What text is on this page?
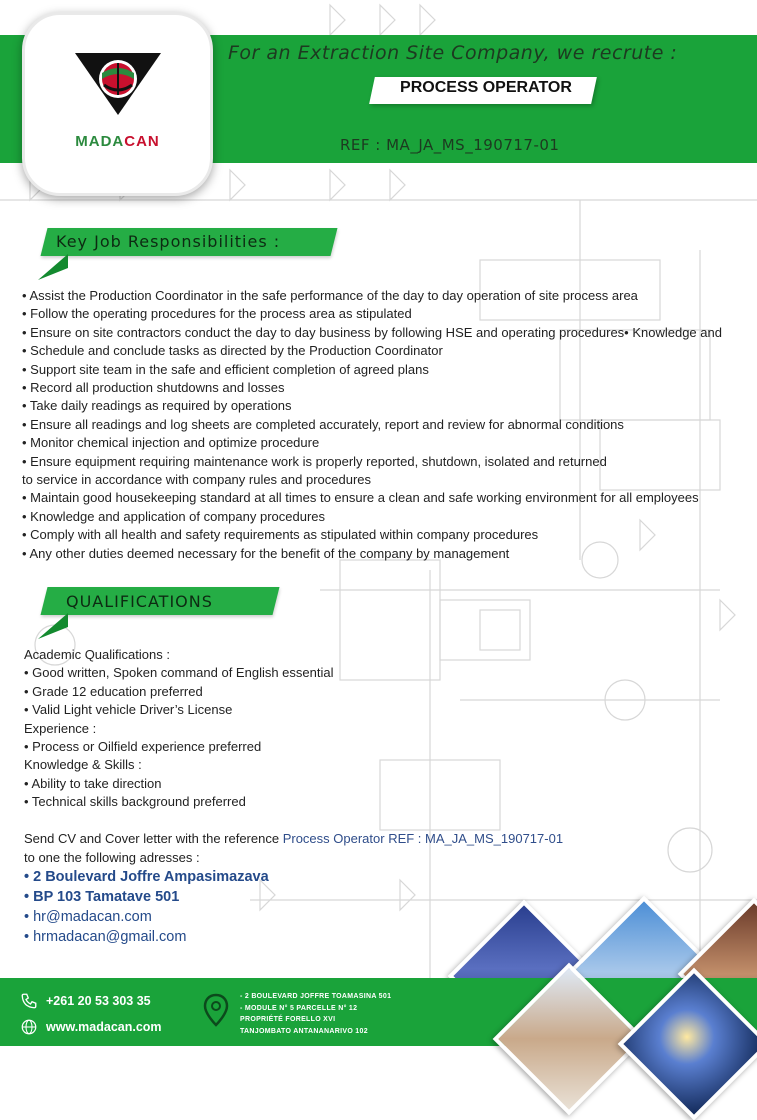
MADACAN
For an Extraction Site Company, we recrute :
PROCESS OPERATOR
REF : MA_JA_MS_190717-01
Key Job Responsibilities :
• Assist the Production Coordinator in the safe performance of the day to day operation of site process area
• Follow the operating procedures for the process area as stipulated
• Ensure on site contractors conduct the day to day business by following HSE and operating procedures• Knowledge and
• Schedule and conclude tasks as directed by the Production Coordinator
• Support site team in the safe and efficient completion of agreed plans
• Record all production shutdowns and losses
• Take daily readings as required by operations
• Ensure all readings and log sheets are completed accurately, report and review for abnormal conditions
• Monitor chemical injection and optimize procedure
• Ensure equipment requiring maintenance work is properly reported, shutdown, isolated and returned
to service in accordance with company rules and procedures
• Maintain good housekeeping standard at all times to ensure a clean and safe working environment for all employees
• Knowledge and application of company procedures
• Comply with all health and safety requirements as stipulated within company procedures
• Any other duties deemed necessary for the benefit of the company by management
QUALIFICATIONS
Academic Qualifications :
• Good written, Spoken command of English essential
• Grade 12 education preferred
• Valid Light vehicle Driver’s License
Experience :
• Process or Oilfield experience preferred
Knowledge & Skills :
• Ability to take direction
• Technical skills background preferred
Send CV and Cover letter with the reference Process Operator REF : MA_JA_MS_190717-01
to one the following adresses :
• 2 Boulevard Joffre Ampasimazava
• BP 103 Tamatave 501
• hr@madacan.com
• hrmadacan@gmail.com
+261 20 53 303 35
www.madacan.com
- 2 BOULEVARD JOFFRE TOAMASINA 501
- MODULE N° 5 PARCELLE N° 12
PROPRIÉTÉ FORELLO XVI
TANJOMBATO ANTANANARIVO 102
